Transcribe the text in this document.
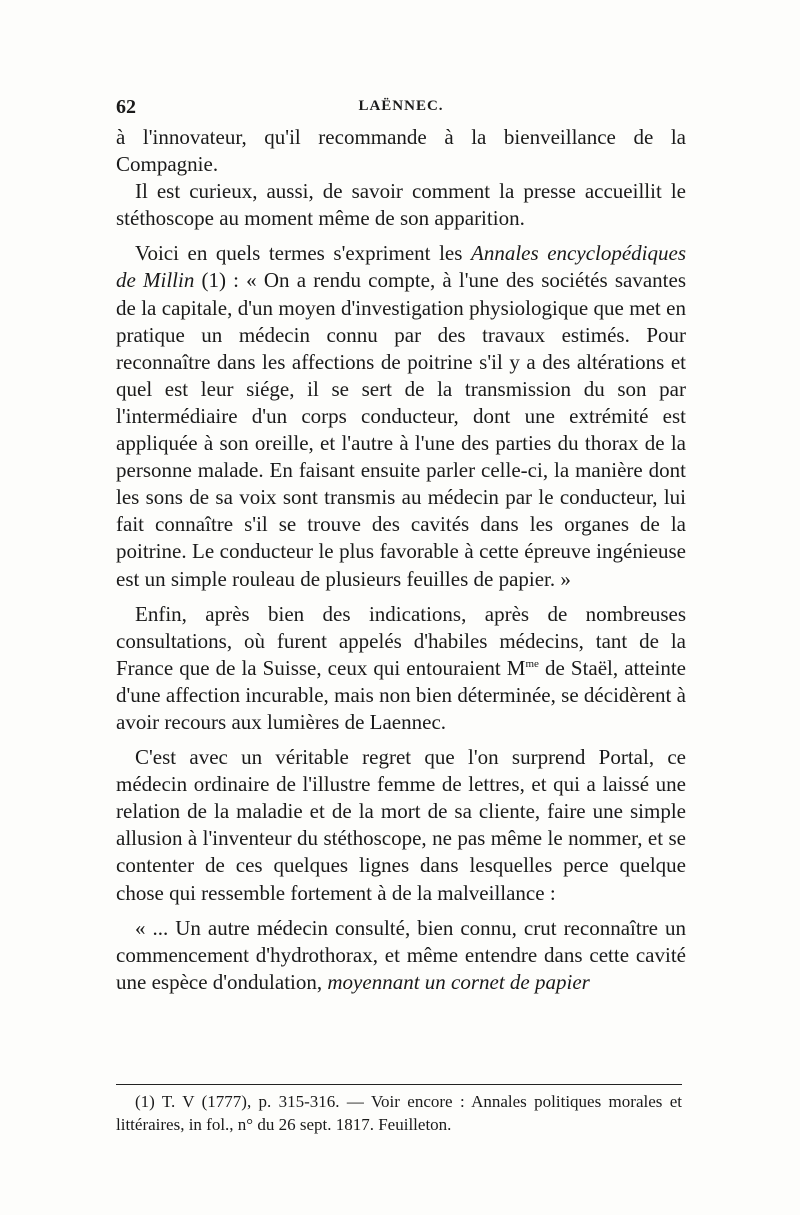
62	LAËNNEC.

à l'innovateur, qu'il recommande à la bienveillance de la Compagnie.

Il est curieux, aussi, de savoir comment la presse accueillit le stéthoscope au moment même de son apparition.

Voici en quels termes s'expriment les Annales encyclopédiques de Millin (1) : « On a rendu compte, à l'une des sociétés savantes de la capitale, d'un moyen d'investigation physiologique que met en pratique un médecin connu par des travaux estimés. Pour reconnaître dans les affections de poitrine s'il y a des altérations et quel est leur siége, il se sert de la transmission du son par l'intermédiaire d'un corps conducteur, dont une extrémité est appliquée à son oreille, et l'autre à l'une des parties du thorax de la personne malade. En faisant ensuite parler celle-ci, la manière dont les sons de sa voix sont transmis au médecin par le conducteur, lui fait connaître s'il se trouve des cavités dans les organes de la poitrine. Le conducteur le plus favorable à cette épreuve ingénieuse est un simple rouleau de plusieurs feuilles de papier. »

Enfin, après bien des indications, après de nombreuses consultations, où furent appelés d'habiles médecins, tant de la France que de la Suisse, ceux qui entouraient $M^{me}$ de Staël, atteinte d'une affection incurable, mais non bien déterminée, se décidèrent à avoir recours aux lumières de Laennec.

C'est avec un véritable regret que l'on surprend Portal, ce médecin ordinaire de l'illustre femme de lettres, et qui a laissé une relation de la maladie et de la mort de sa cliente, faire une simple allusion à l'inventeur du stéthoscope, ne pas même le nommer, et se contenter de ces quelques lignes dans lesquelles perce quelque chose qui ressemble fortement à de la malveillance :

« ... Un autre médecin consulté, bien connu, crut reconnaître un commencement d'hydrothorax, et même entendre dans cette cavité une espèce d'ondulation, moyennant un cornet de papier

(1) T. V (1777), p. 315-316. — Voir encore : Annales politiques morales et littéraires, in fol., n° du 26 sept. 1817. Feuilleton.
